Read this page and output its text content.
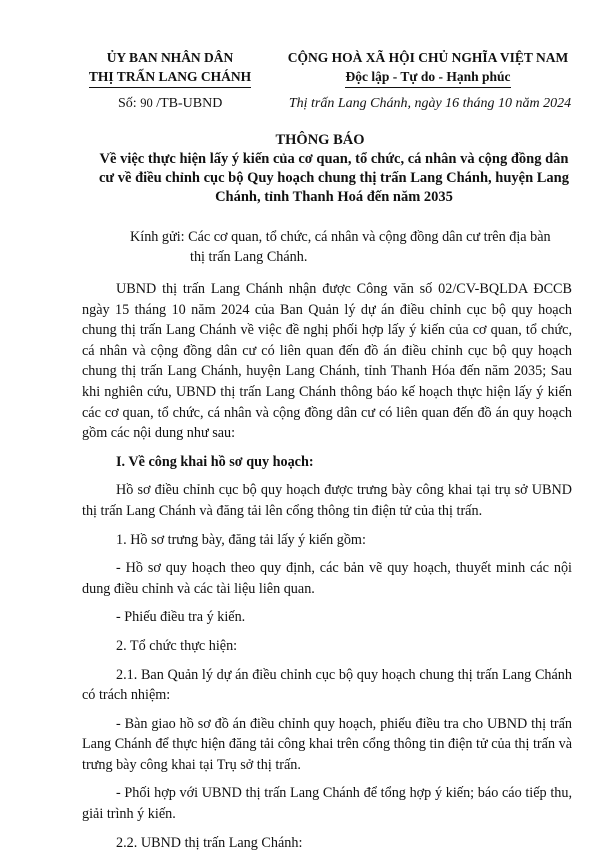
ỦY BAN NHÂN DÂN
THỊ TRẤN LANG CHÁNH
CỘNG HOÀ XÃ HỘI CHỦ NGHĨA VIỆT NAM
Độc lập - Tự do - Hạnh phúc
Số: 90 /TB-UBND	Thị trấn Lang Chánh, ngày 16 tháng 10 năm 2024
THÔNG BÁO
Về việc thực hiện lấy ý kiến của cơ quan, tổ chức, cá nhân và cộng đồng dân cư về điều chỉnh cục bộ Quy hoạch chung thị trấn Lang Chánh, huyện Lang Chánh, tỉnh Thanh Hoá đến năm 2035
Kính gửi: Các cơ quan, tổ chức, cá nhân và cộng đồng dân cư trên địa bàn
thị trấn Lang Chánh.

UBND thị trấn Lang Chánh nhận được Công văn số 02/CV-BQLDA ĐCCB ngày 15 tháng 10 năm 2024 của Ban Quản lý dự án điều chỉnh cục bộ quy hoạch chung thị trấn Lang Chánh về việc đề nghị phối hợp lấy ý kiến của cơ quan, tổ chức, cá nhân và cộng đồng dân cư có liên quan đến đồ án điều chỉnh cục bộ quy hoạch chung thị trấn Lang Chánh, huyện Lang Chánh, tỉnh Thanh Hóa đến năm 2035; Sau khi nghiên cứu, UBND thị trấn Lang Chánh thông báo kế hoạch thực hiện lấy ý kiến các cơ quan, tổ chức, cá nhân và cộng đồng dân cư có liên quan đến đồ án quy hoạch gồm các nội dung như sau:

I. Về công khai hồ sơ quy hoạch:

Hồ sơ điều chỉnh cục bộ quy hoạch được trưng bày công khai tại trụ sở UBND thị trấn Lang Chánh và đăng tải lên cổng thông tin điện tử của thị trấn.

1. Hồ sơ trưng bày, đăng tải lấy ý kiến gồm:

- Hồ sơ quy hoạch theo quy định, các bản vẽ quy hoạch, thuyết minh các nội dung điều chỉnh và các tài liệu liên quan.

- Phiếu điều tra ý kiến.

2. Tổ chức thực hiện:

2.1. Ban Quản lý dự án điều chỉnh cục bộ quy hoạch chung thị trấn Lang Chánh có trách nhiệm:

- Bàn giao hồ sơ đồ án điều chỉnh quy hoạch, phiếu điều tra cho UBND thị trấn Lang Chánh để thực hiện đăng tải công khai trên cổng thông tin điện tử của thị trấn và trưng bày công khai tại Trụ sở thị trấn.

- Phối hợp với UBND thị trấn Lang Chánh để tổng hợp ý kiến; báo cáo tiếp thu, giải trình ý kiến.

2.2. UBND thị trấn Lang Chánh:
